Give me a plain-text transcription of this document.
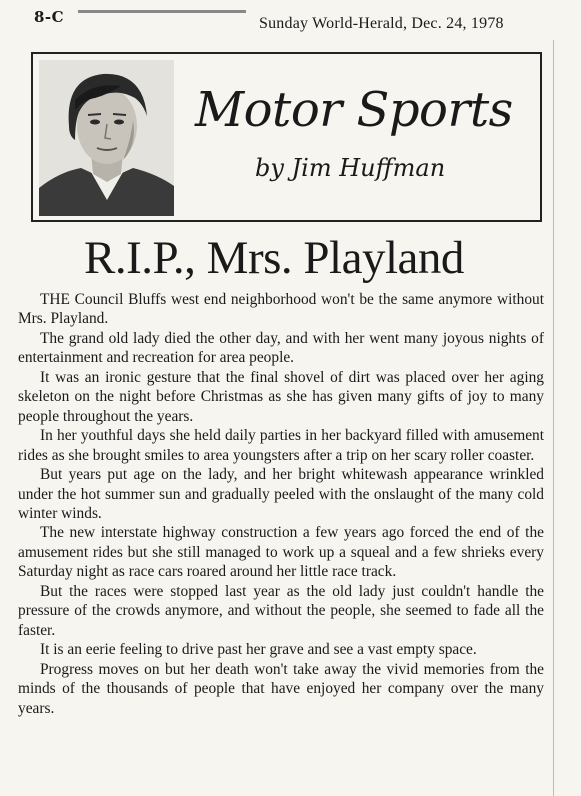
8-C	Sunday World-Herald, Dec. 24, 1978
Motor Sports
by Jim Huffman
R.I.P., Mrs. Playland

THE Council Bluffs west end neighborhood won't be the same anymore without Mrs. Playland.

The grand old lady died the other day, and with her went many joyous nights of entertainment and recreation for area people.

It was an ironic gesture that the final shovel of dirt was placed over her aging skeleton on the night before Christmas as she has given many gifts of joy to many people throughout the years.

In her youthful days she held daily parties in her backyard filled with amusement rides as she brought smiles to area youngsters after a trip on her scary roller coaster.

But years put age on the lady, and her bright whitewash appearance wrinkled under the hot summer sun and gradually peeled with the onslaught of the many cold winter winds.

The new interstate highway construction a few years ago forced the end of the amusement rides but she still managed to work up a squeal and a few shrieks every Saturday night as race cars roared around her little race track.

But the races were stopped last year as the old lady just couldn't handle the pressure of the crowds anymore, and without the people, she seemed to fade all the faster.

It is an eerie feeling to drive past her grave and see a vast empty space.

Progress moves on but her death won't take away the vivid memories from the minds of the thousands of people that have enjoyed her company over the many years.
